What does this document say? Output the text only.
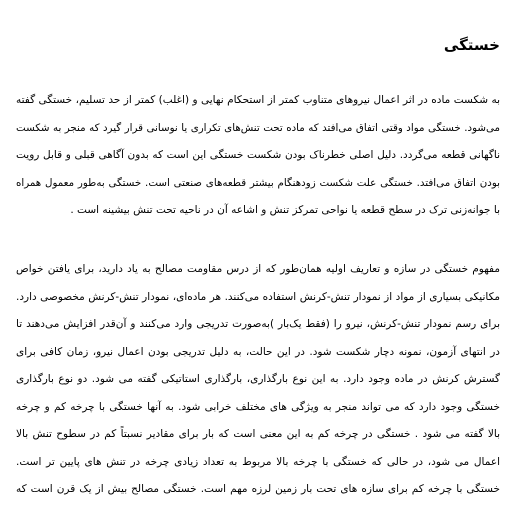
خستگی

به شکست ماده در اثر اعمال نیروهای متناوب کمتر از استحکام نهایی و (اغلب) کمتر از حد تسلیم، خستگی گفته
می‌شود. خستگی مواد وقتی اتفاق می‌افتد که ماده تحت تنش‌های تکراری یا نوسانی قرار گیرد که منجر به شکست
ناگهانی قطعه می‌گردد. دلیل اصلی خطرناک بودن شکست خستگی این است که بدون آگاهی قبلی و قابل رویت
بودن اتفاق می‌افتد. خستگی علت شکست زودهنگام بیشتر قطعه‌های صنعتی است. خستگی به‌طور معمول همراه
با جوانه‌زنی ترک در سطح قطعه یا نواحی تمرکز تنش و اشاعه آن در ناحیه تحت تنش بیشینه است .

مفهوم خستگی در سازه و تعاریف اولیه همان‌طور که از درس مقاومت مصالح به یاد دارید، برای یافتن خواص
مکانیکی بسیاری از مواد از نمودار تنش-کرنش استفاده می‌کنند. هر ماده‌ای، نمودار تنش-کرنش مخصوصی دارد.
برای رسم نمودار تنش-کرنش، نیرو را (فقط یک‌بار )به‌صورت تدریجی وارد می‌کنند و آن‌قدر افزایش می‌دهند تا
در انتهای آزمون، نمونه دچار شکست شود. در این حالت، به دلیل تدریجی بودن اعمال نیرو، زمان کافی برای
گسترش کرنش در ماده وجود دارد. به این نوع بارگذاری، بارگذاری استاتیکی گفته می شود. دو نوع بارگذاری
خستگی وجود دارد که می تواند منجر به ویژگی های مختلف خرابی شود. به آنها خستگی با چرخه کم و چرخه
بالا گفته می شود . خستگی در چرخه کم به این معنی است که بار برای مقادیر نسبتاً کم در سطوح تنش بالا
اعمال می شود، در حالی که خستگی با چرخه بالا مربوط به تعداد زیادی چرخه در تنش های پایین تر است.
خستگی با چرخه کم برای سازه های تحت بار زمین لرزه مهم است. خستگی مصالح بیش از یک قرن است که
